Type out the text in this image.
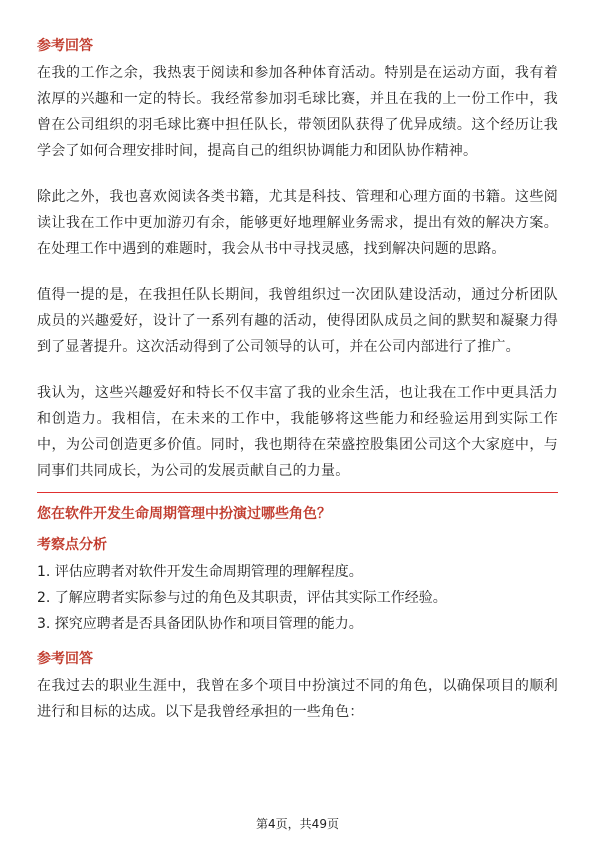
参考回答

在我的工作之余，我热衷于阅读和参加各种体育活动。特别是在运动方面，我有着浓厚的兴趣和一定的特长。我经常参加羽毛球比赛，并且在我的上一份工作中，我曾在公司组织的羽毛球比赛中担任队长，带领团队获得了优异成绩。这个经历让我学会了如何合理安排时间，提高自己的组织协调能力和团队协作精神。

除此之外，我也喜欢阅读各类书籍，尤其是科技、管理和心理方面的书籍。这些阅读让我在工作中更加游刃有余，能够更好地理解业务需求，提出有效的解决方案。在处理工作中遇到的难题时，我会从书中寻找灵感，找到解决问题的思路。

值得一提的是，在我担任队长期间，我曾组织过一次团队建设活动，通过分析团队成员的兴趣爱好，设计了一系列有趣的活动，使得团队成员之间的默契和凝聚力得到了显著提升。这次活动得到了公司领导的认可，并在公司内部进行了推广。

我认为，这些兴趣爱好和特长不仅丰富了我的业余生活，也让我在工作中更具活力和创造力。我相信，在未来的工作中，我能够将这些能力和经验运用到实际工作中，为公司创造更多价值。同时，我也期待在荣盛控股集团公司这个大家庭中，与同事们共同成长，为公司的发展贡献自己的力量。

您在软件开发生命周期管理中扮演过哪些角色？
考察点分析
1. 评估应聘者对软件开发生命周期管理的理解程度。
2. 了解应聘者实际参与过的角色及其职责，评估其实际工作经验。
3. 探究应聘者是否具备团队协作和项目管理的能力。
参考回答

在我过去的职业生涯中，我曾在多个项目中扮演过不同的角色，以确保项目的顺利进行和目标的达成。以下是我曾经承担的一些角色：

第4页，共49页
